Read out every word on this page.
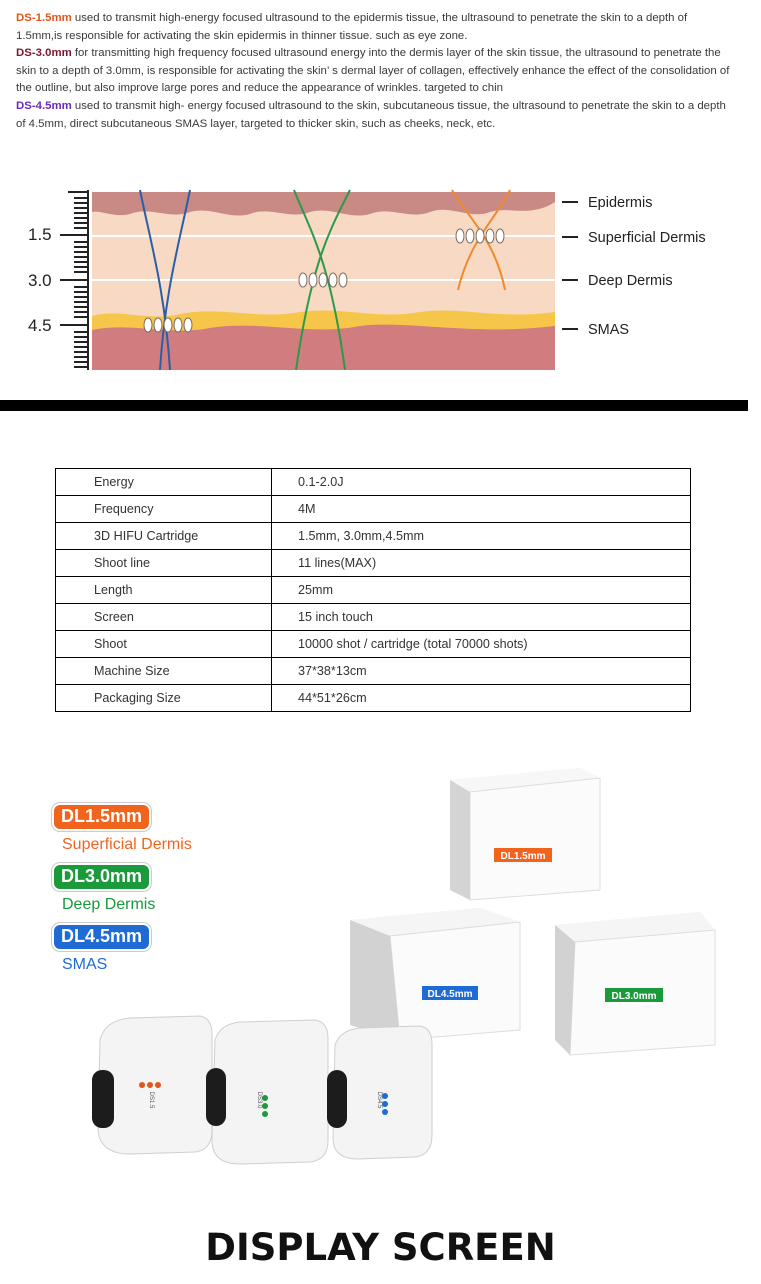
DS-1.5mm used to transmit high-energy focused ultrasound to the epidermis tissue, the ultrasound to penetrate the skin to a depth of 1.5mm,is responsible for activating the skin epidermis in thinner tissue. such as eye zone.

DS-3.0mm for transmitting high frequency focused ultrasound energy into the dermis layer of the skin tissue, the ultrasound to penetrate the skin to a depth of 3.0mm, is responsible for activating the skin’ s dermal layer of collagen, effectively enhance the effect of the consolidation of the outline, but also improve large pores and reduce the appearance of wrinkles. targeted to chin

DS-4.5mm used to transmit high- energy focused ultrasound to the skin, subcutaneous tissue, the ultrasound to penetrate the skin to a depth of 4.5mm, direct subcutaneous SMAS layer, targeted to thicker skin, such as cheeks, neck, etc.

1.5
3.0
4.5
Epidermis
Superficial Dermis
Deep Dermis
SMAS
Energy	0.1-2.0J
Frequency	4M
3D HIFU Cartridge	1.5mm, 3.0mm,4.5mm
Shoot line	11 lines(MAX)
Length	25mm
Screen	15 inch touch
Shoot	10000 shot / cartridge (total 70000 shots)
Machine Size	37*38*13cm
Packaging Size	44*51*26cm
DL1.5mm
DL4.5mm	DL3.0mm
DS1.5	DS3.0	DS4.5
DL1.5mm
Superficial Dermis
DL3.0mm
Deep Dermis
DL4.5mm
SMAS
DISPLAY SCREEN
